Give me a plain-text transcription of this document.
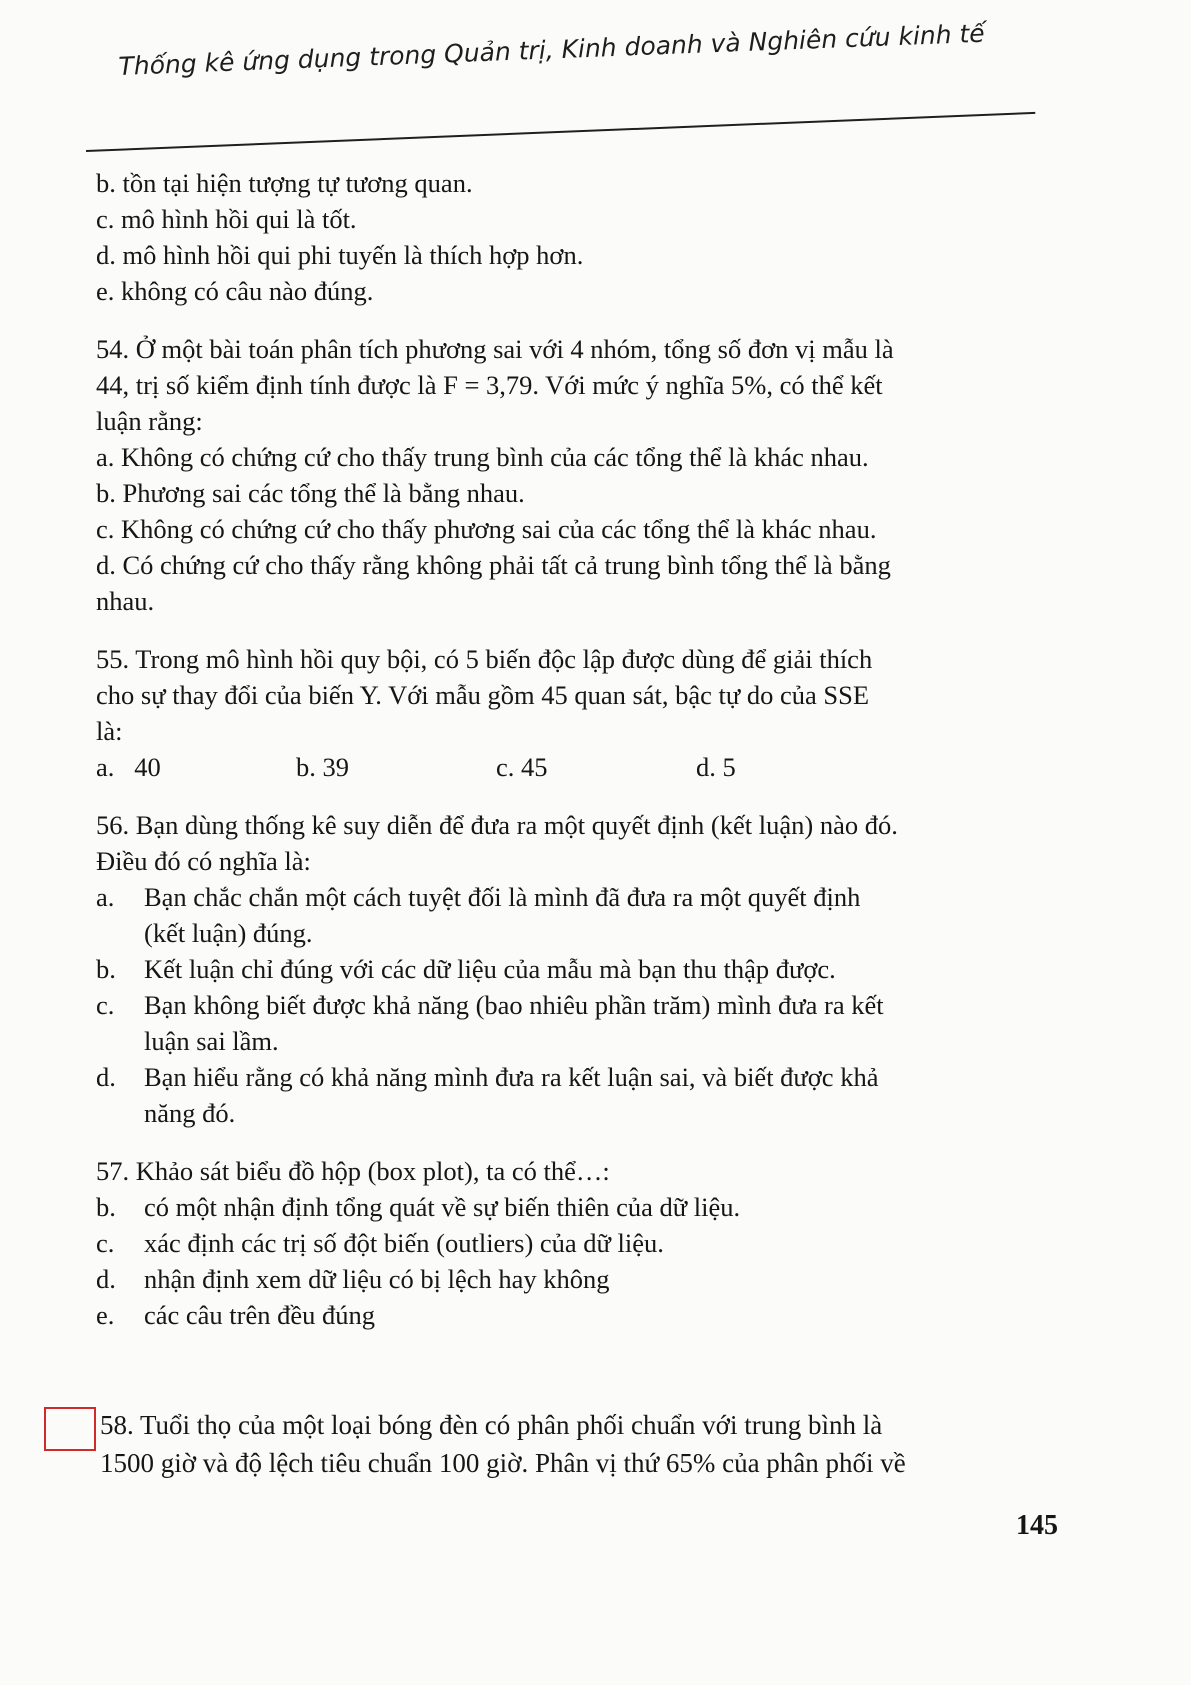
Thống kê ứng dụng trong Quản trị, Kinh doanh và Nghiên cứu kinh tế
b. tồn tại hiện tượng tự tương quan.
c. mô hình hồi qui là tốt.
d. mô hình hồi qui phi tuyến là thích hợp hơn.
e. không có câu nào đúng.
54. Ở một bài toán phân tích phương sai với 4 nhóm, tổng số đơn vị mẫu là
44, trị số kiểm định tính được là F = 3,79. Với mức ý nghĩa 5%, có thể kết
luận rằng:
a. Không có chứng cứ cho thấy trung bình của các tổng thể là khác nhau.
b. Phương sai các tổng thể là bằng nhau.
c. Không có chứng cứ cho thấy phương sai của các tổng thể là khác nhau.
d. Có chứng cứ cho thấy rằng không phải tất cả trung bình tổng thể là bằng
nhau.
55. Trong mô hình hồi quy bội, có 5 biến độc lập được dùng để giải thích
cho sự thay đổi của biến Y. Với mẫu gồm 45 quan sát, bậc tự do của SSE
là:
a.   40	b. 39	c. 45	d. 5
56. Bạn dùng thống kê suy diễn để đưa ra một quyết định (kết luận) nào đó.
Điều đó có nghĩa là:
a.	Bạn chắc chắn một cách tuyệt đối là mình đã đưa ra một quyết định
(kết luận) đúng.
b.	Kết luận chỉ đúng với các dữ liệu của mẫu mà bạn thu thập được.
c.	Bạn không biết được khả năng (bao nhiêu phần trăm) mình đưa ra kết
luận sai lầm.
d.	Bạn hiểu rằng có khả năng mình đưa ra kết luận sai, và biết được khả
năng đó.
57. Khảo sát biểu đồ hộp (box plot), ta có thể…:
b.	có một nhận định tổng quát về sự biến thiên của dữ liệu.
c.	xác định các trị số đột biến (outliers) của dữ liệu.
d.	nhận định xem dữ liệu có bị lệch hay không
e.	các câu trên đều đúng
58. Tuổi thọ của một loại bóng đèn có phân phối chuẩn với trung bình là
1500 giờ và độ lệch tiêu chuẩn 100 giờ. Phân vị thứ 65% của phân phối về
145
